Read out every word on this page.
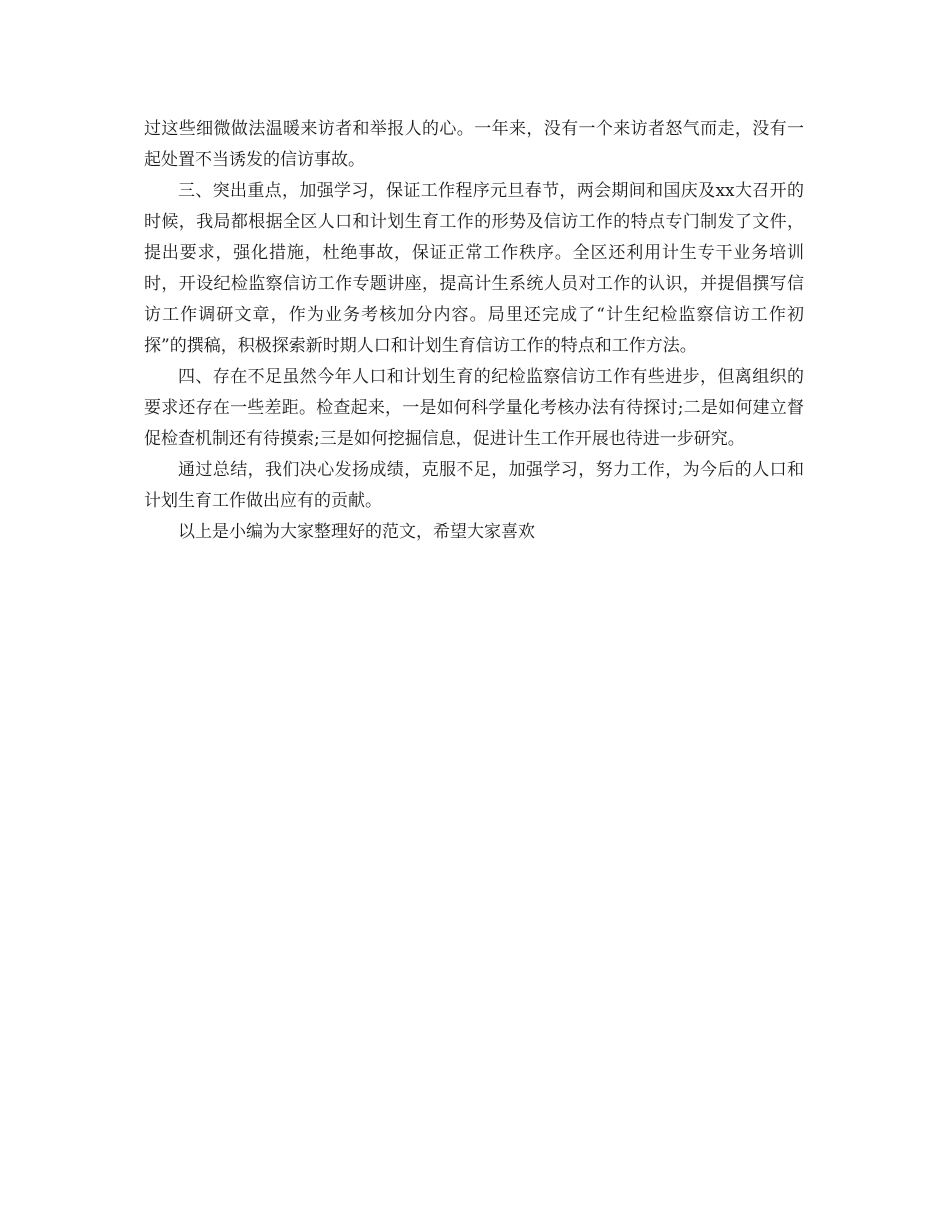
过这些细微做法温暖来访者和举报人的心。一年来，没有一个来访者怒气而走，没有一起处置不当诱发的信访事故。

三、突出重点，加强学习，保证工作程序元旦春节，两会期间和国庆及xx大召开的时候，我局都根据全区人口和计划生育工作的形势及信访工作的特点专门制发了文件，提出要求，强化措施，杜绝事故，保证正常工作秩序。全区还利用计生专干业务培训时，开设纪检监察信访工作专题讲座，提高计生系统人员对工作的认识，并提倡撰写信访工作调研文章，作为业务考核加分内容。局里还完成了“计生纪检监察信访工作初探”的撰稿，积极探索新时期人口和计划生育信访工作的特点和工作方法。

四、存在不足虽然今年人口和计划生育的纪检监察信访工作有些进步，但离组织的要求还存在一些差距。检查起来，一是如何科学量化考核办法有待探讨;二是如何建立督促检查机制还有待摸索;三是如何挖掘信息，促进计生工作开展也待进一步研究。

通过总结，我们决心发扬成绩，克服不足，加强学习，努力工作，为今后的人口和计划生育工作做出应有的贡献。

以上是小编为大家整理好的范文，希望大家喜欢
